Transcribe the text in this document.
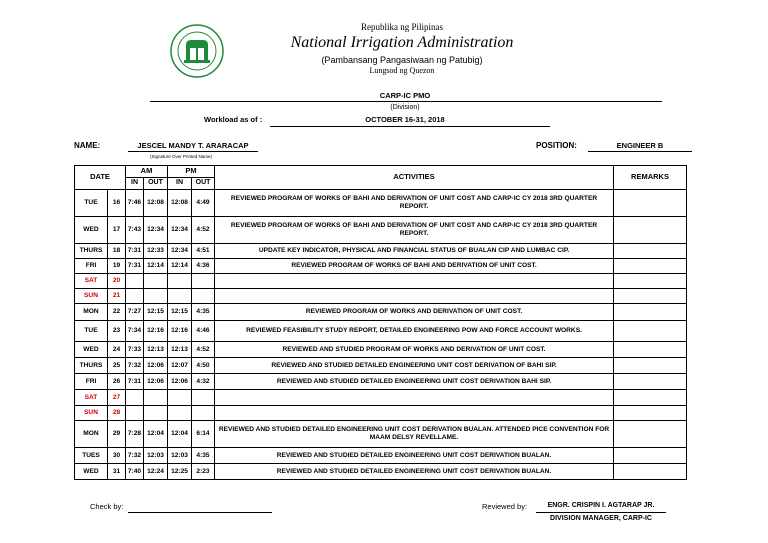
Republika ng Pilipinas
National Irrigation Administration
(Pambansang Pangasiwaan ng Patubig)
Lungsod ng Quezon
CARP-IC PMO
(Division)
Workload as of :	OCTOBER 16-31, 2018
NAME:	JESCEL MANDY T. ARARACAP
(Signature Over Printed Name)
POSITION:	ENGINEER B
DATE		AM		PM		ACTIVITIES	REMARKS
		IN	OUT	IN	OUT		
TUE	16	7:46	12:08	12:08	4:49	REVIEWED PROGRAM OF WORKS OF BAHI AND DERIVATION OF UNIT COST AND CARP-IC CY 2018 3RD QUARTER REPORT.	
WED	17	7:43	12:34	12:34	4:52	REVIEWED PROGRAM OF WORKS OF BAHI AND DERIVATION OF UNIT COST AND CARP-IC CY 2018 3RD QUARTER REPORT.	
THURS	18	7:31	12:33	12:34	4:51	UPDATE KEY INDICATOR, PHYSICAL AND FINANCIAL STATUS OF BUALAN CIP AND LUMBAC CIP.	
FRI	19	7:31	12:14	12:14	4:36	REVIEWED PROGRAM OF WORKS OF BAHI AND DERIVATION OF UNIT COST.	
SAT	20						
SUN	21						
MON	22	7:27	12:15	12:15	4:35	REVIEWED PROGRAM OF WORKS AND DERIVATION OF UNIT COST.	
TUE	23	7:34	12:16	12:16	4:46	REVIEWED FEASIBILITY STUDY REPORT, DETAILED ENGINEERING POW AND FORCE ACCOUNT WORKS.	
WED	24	7:33	12:13	12:13	4:52	REVIEWED AND STUDIED PROGRAM OF WORKS AND DERIVATION OF UNIT COST.	
THURS	25	7:32	12:06	12:07	4:50	REVIEWED AND STUDIED DETAILED ENGINEERING UNIT COST DERIVATION OF BAHI SIP.	
FRI	26	7:31	12:06	12:06	4:32	REVIEWED AND STUDIED DETAILED ENGINEERING UNIT COST DERIVATION BAHI SIP.	
SAT	27						
SUN	28						
MON	29	7:28	12:04	12:04	6:14	REVIEWED AND STUDIED DETAILED ENGINEERING UNIT COST DERIVATION BUALAN. ATTENDED PICE CONVENTION FOR MAAM DELSY REVELLAME.	
TUES	30	7:32	12:03	12:03	4:35	REVIEWED AND STUDIED DETAILED ENGINEERING UNIT COST DERIVATION BUALAN.	
WED	31	7:40	12:24	12:25	2:23	REVIEWED AND STUDIED DETAILED ENGINEERING UNIT COST DERIVATION BUALAN.	
Check by:	Reviewed by:	ENGR. CRISPIN I. AGTARAP JR.
DIVISION MANAGER, CARP-IC
